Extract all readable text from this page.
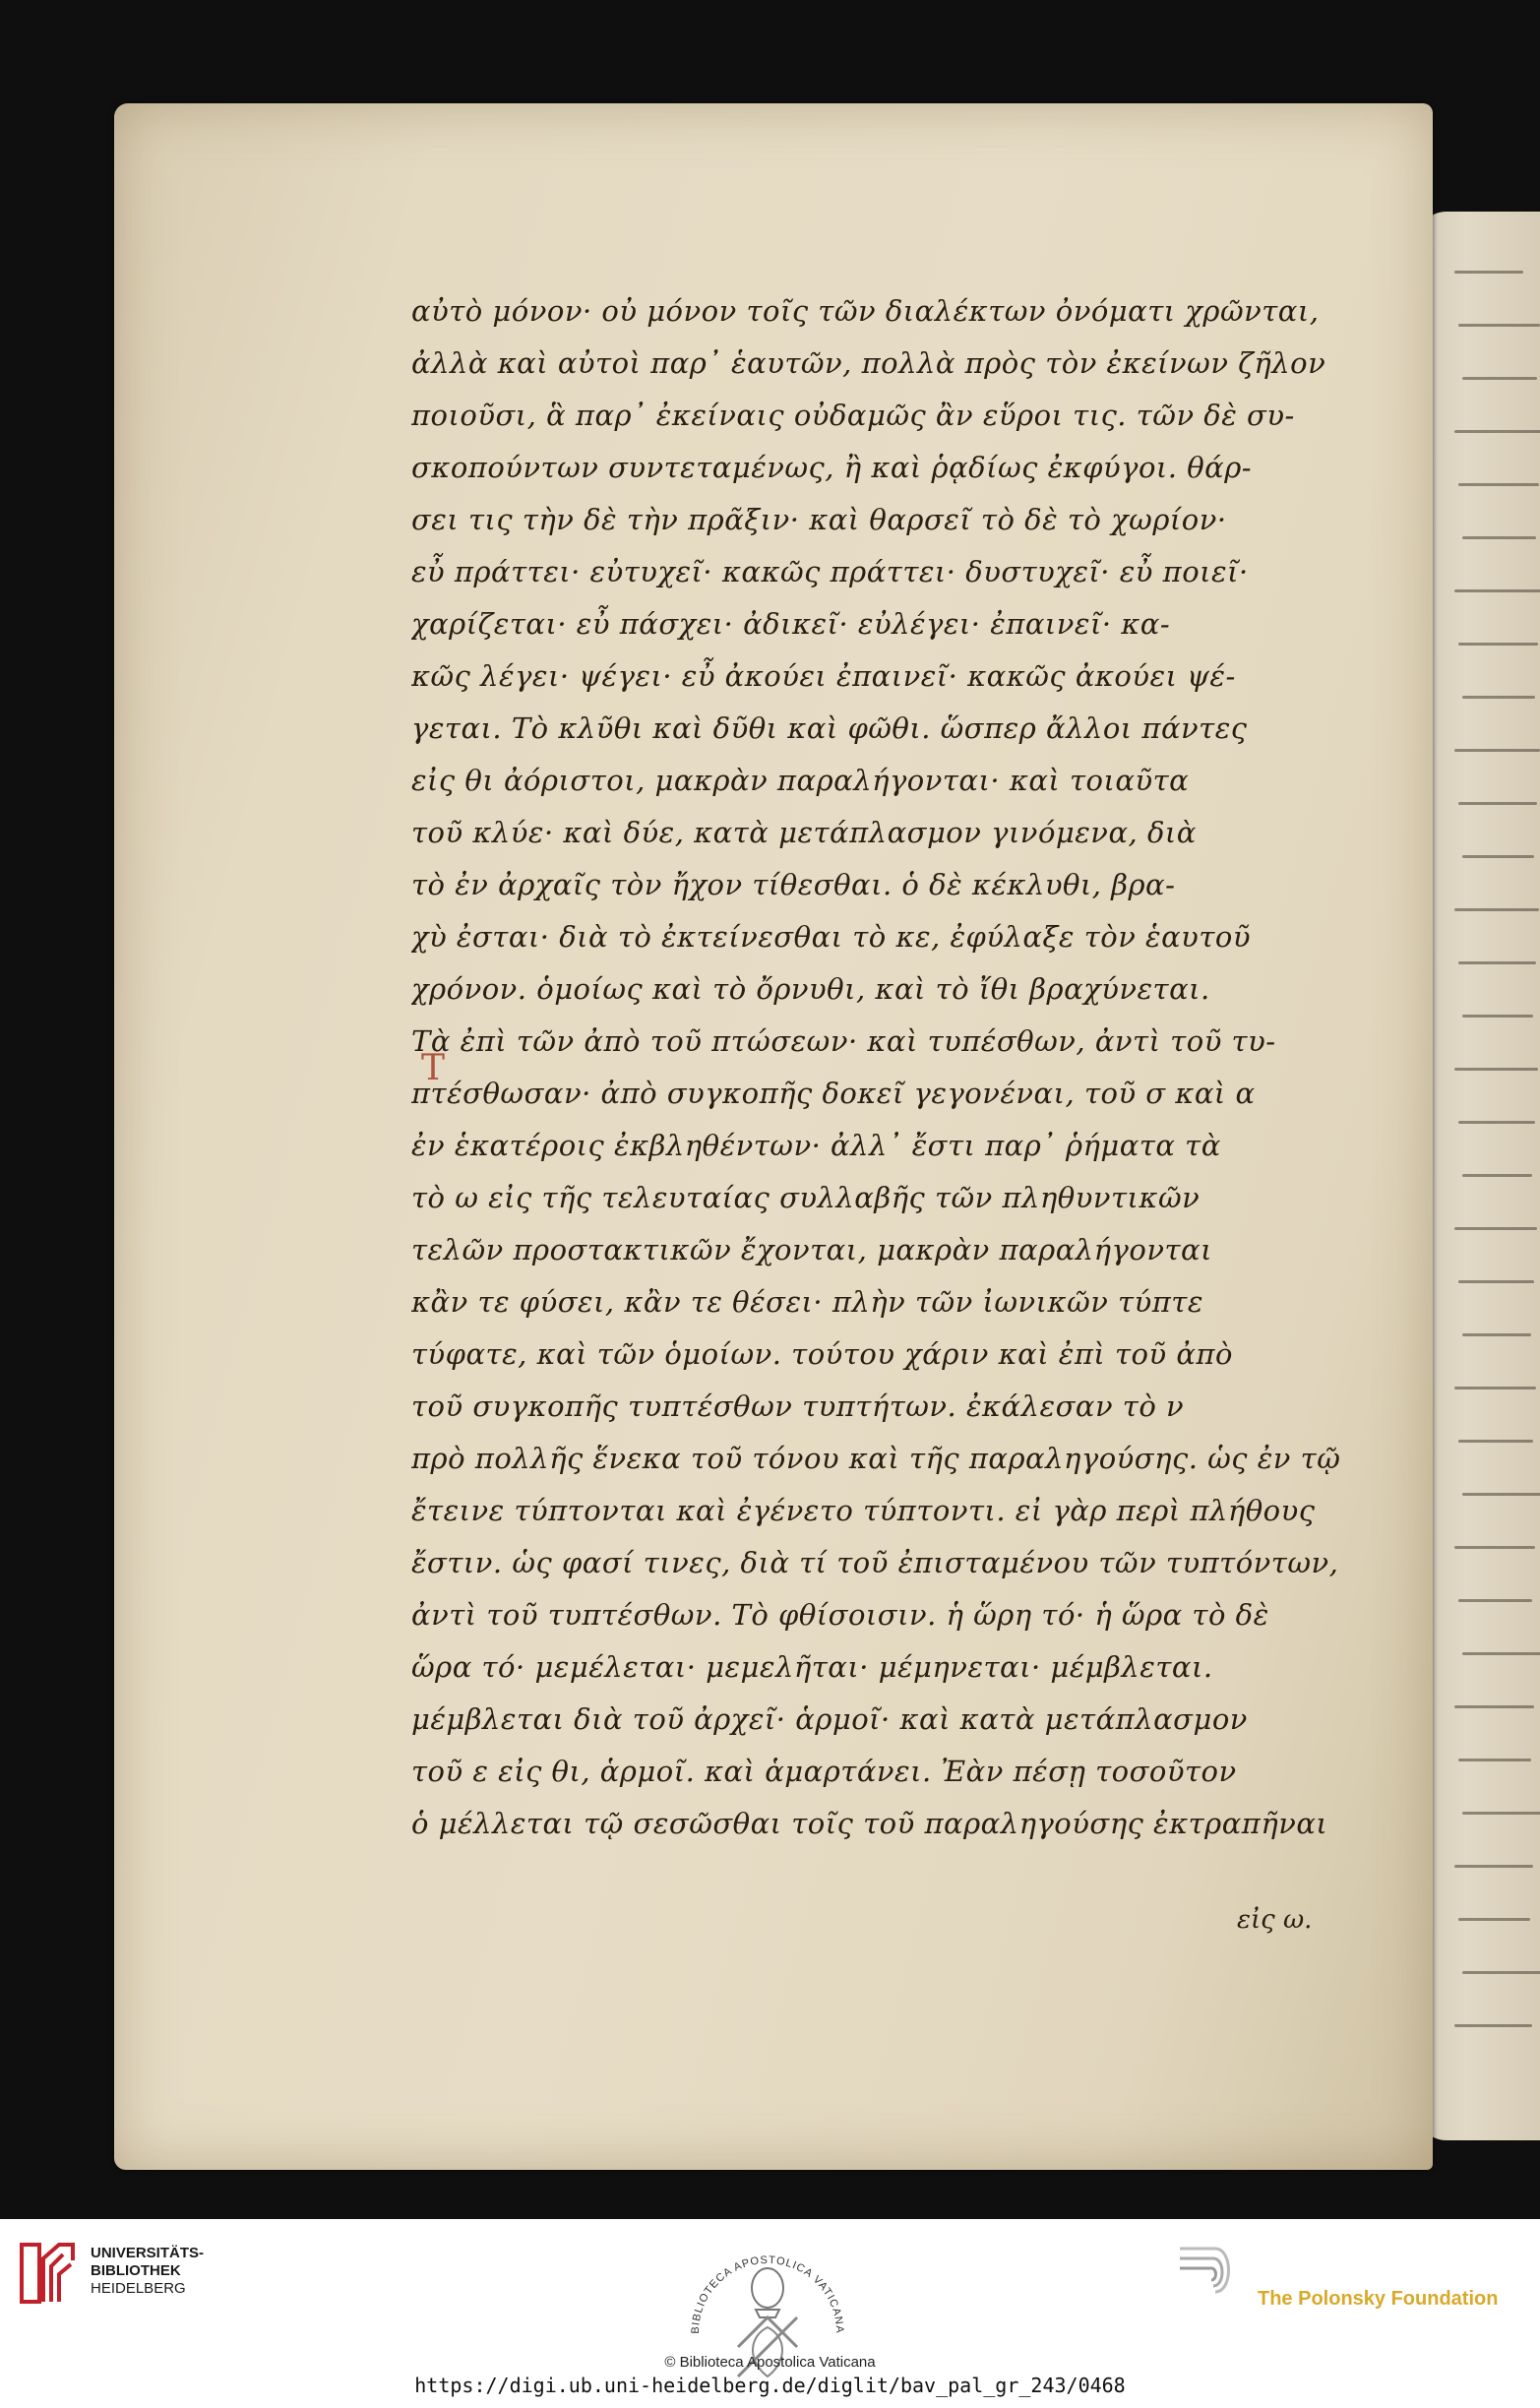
αὐτὸ μόνον· οὐ μόνον τοῖς τῶν διαλέκτων ὀνόματι χρῶνται,
ἀλλὰ καὶ αὐτοὶ παρ᾽ ἑαυτῶν, πολλὰ πρὸς τὸν ἐκείνων ζῆλον
ποιοῦσι, ἃ παρ᾽ ἐκείναις οὐδαμῶς ἂν εὕροι τις. τῶν δὲ συ-
σκοπούντων συντεταμένως, ἢ καὶ ῥᾳδίως ἐκφύγοι. θάρ-
σει τις τὴν δὲ τὴν πρᾶξιν· καὶ θαρσεῖ τὸ δὲ τὸ χωρίον·
εὖ πράττει· εὐτυχεῖ· κακῶς πράττει· δυστυχεῖ· εὖ ποιεῖ·
χαρίζεται· εὖ πάσχει· ἀδικεῖ· εὐλέγει· ἐπαινεῖ· κα-
κῶς λέγει· ψέγει· εὖ ἀκούει ἐπαινεῖ· κακῶς ἀκούει ψέ-
γεται. Τὸ κλῦθι καὶ δῦθι καὶ φῶθι. ὥσπερ ἄλλοι πάντες
εἰς θι ἀόριστοι, μακρὰν παραλήγονται· καὶ τοιαῦτα
τοῦ κλύε· καὶ δύε, κατὰ μετάπλασμον γινόμενα, διὰ
τὸ ἐν ἀρχαῖς τὸν ἤχον τίθεσθαι. ὁ δὲ κέκλυθι, βρα-
χὺ ἐσται· διὰ τὸ ἐκτείνεσθαι τὸ κε, ἐφύλαξε τὸν ἑαυτοῦ
χρόνον. ὁμοίως καὶ τὸ ὄρνυθι, καὶ τὸ ἴθι βραχύνεται.
Τὰ ἐπὶ τῶν ἀπὸ τοῦ πτώσεων· καὶ τυπέσθων, ἀντὶ τοῦ τυ-
πτέσθωσαν· ἀπὸ συγκοπῆς δοκεῖ γεγονέναι, τοῦ σ καὶ α
ἐν ἑκατέροις ἐκβληθέντων· ἀλλ᾽ ἔστι παρ᾽ ῥήματα τὰ
τὸ ω εἰς τῆς τελευταίας συλλαβῆς τῶν πληθυντικῶν
τελῶν προστακτικῶν ἔχονται, μακρὰν παραλήγονται
κἂν τε φύσει, κἂν τε θέσει· πλὴν τῶν ἰωνικῶν τύπτε
τύφατε, καὶ τῶν ὁμοίων. τούτου χάριν καὶ ἐπὶ τοῦ ἀπὸ
τοῦ συγκοπῆς τυπτέσθων τυπτήτων. ἐκάλεσαν τὸ ν
πρὸ πολλῆς ἕνεκα τοῦ τόνου καὶ τῆς παραληγούσης. ὡς ἐν τῷ
ἔτεινε τύπτονται καὶ ἐγένετο τύπτοντι. εἰ γὰρ περὶ πλήθους
ἔστιν. ὡς φασί τινες, διὰ τί τοῦ ἐπισταμένου τῶν τυπτόντων,
ἀντὶ τοῦ τυπτέσθων. Τὸ φθίσοισιν. ἡ ὥρη τό· ἡ ὥρα τὸ δὲ
ὥρα τό· μεμέλεται· μεμελῆται· μέμηνεται· μέμβλεται.
μέμβλεται διὰ τοῦ ἀρχεῖ· ἁρμοῖ· καὶ κατὰ μετάπλασμον
τοῦ ε εἰς θι, ἁρμοῖ. καὶ ἁμαρτάνει. Ἐὰν πέσῃ τοσοῦτον
ὁ μέλλεται τῷ σεσῶσθαι τοῖς τοῦ παραληγούσης ἐκτραπῆναι
Τ
εἰς ω.
UNIVERSITÄTS-
BIBLIOTHEK
HEIDELBERG
BIBLIOTECA APOSTOLICA VATICANA
The Polonsky Foundation
© Biblioteca Apostolica Vaticana
https://digi.ub.uni-heidelberg.de/diglit/bav_pal_gr_243/0468
